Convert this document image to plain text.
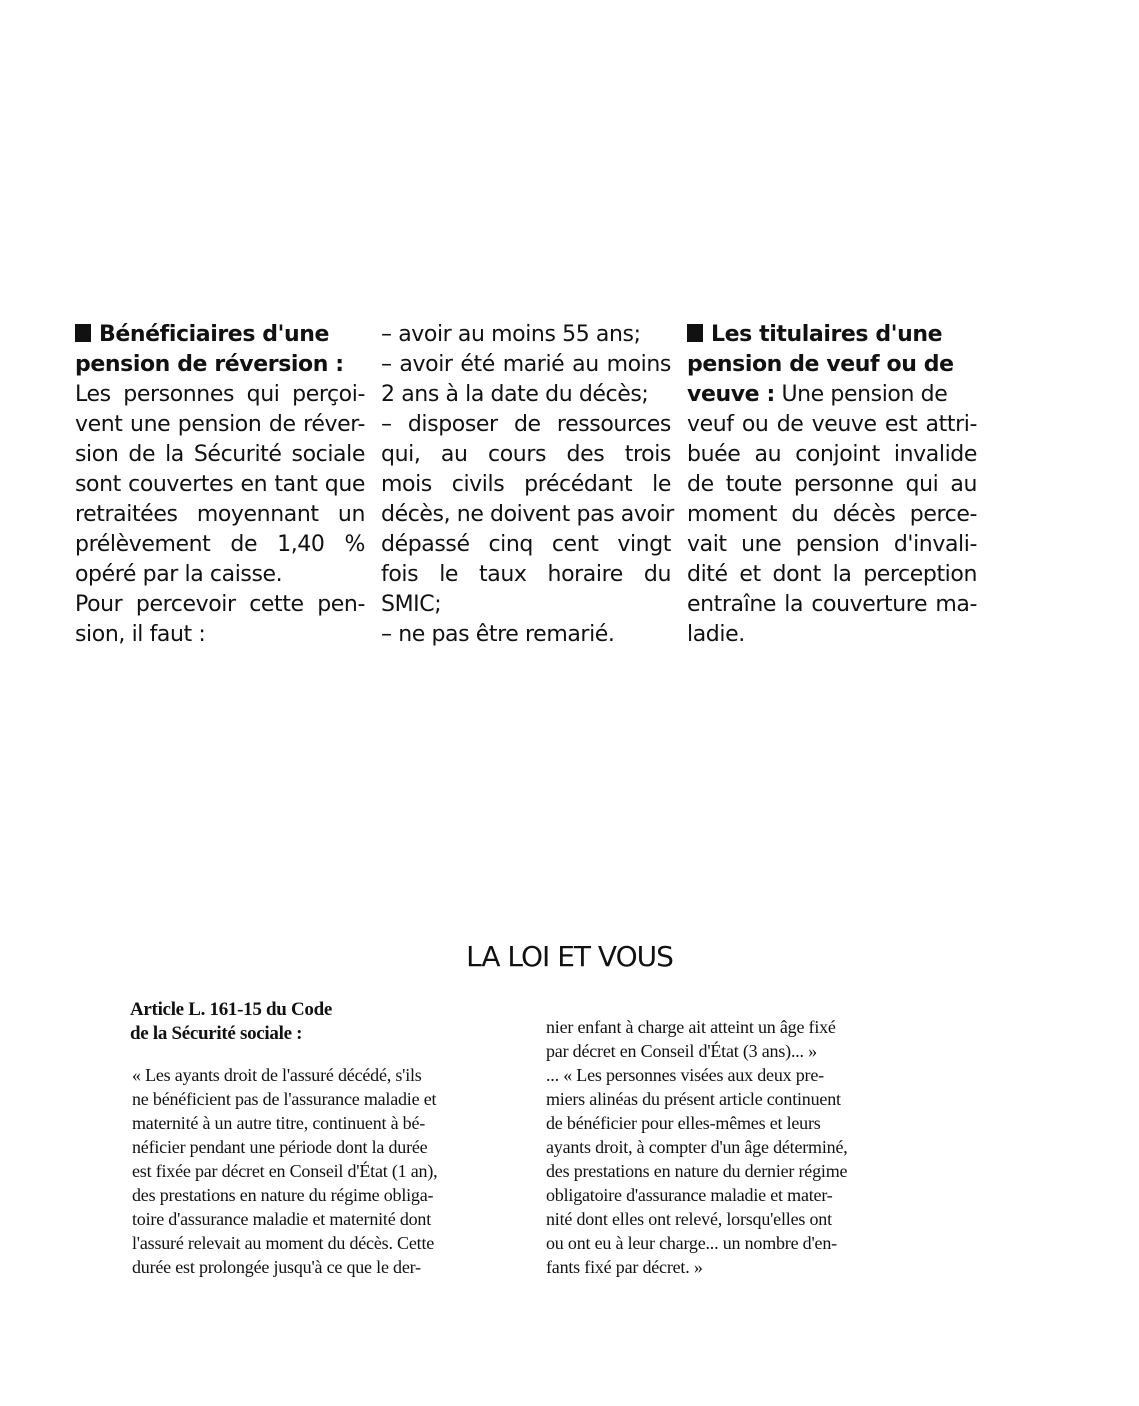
Bénéficiaires d'une
pension de réversion :
Les personnes qui perçoi-
vent une pension de réver-
sion de la Sécurité sociale
sont couvertes en tant que
retraitées moyennant un
prélèvement de 1,40 %
opéré par la caisse.
Pour percevoir cette pen-
sion, il faut :
– avoir au moins 55 ans;
– avoir été marié au moins
2 ans à la date du décès;
– disposer de ressources
qui, au cours des trois
mois civils précédant le
décès, ne doivent pas avoir
dépassé cinq cent vingt
fois le taux horaire du
SMIC;
– ne pas être remarié.
Les titulaires d'une
pension de veuf ou de
veuve : Une pension de
veuf ou de veuve est attri-
buée au conjoint invalide
de toute personne qui au
moment du décès perce-
vait une pension d'invali-
dité et dont la perception
entraîne la couverture ma-
ladie.
LA LOI ET VOUS
Article L. 161-15 du Code
de la Sécurité sociale :
« Les ayants droit de l'assuré décédé, s'ils
ne bénéficient pas de l'assurance maladie et
maternité à un autre titre, continuent à bé-
néficier pendant une période dont la durée
est fixée par décret en Conseil d'État (1 an),
des prestations en nature du régime obliga-
toire d'assurance maladie et maternité dont
l'assuré relevait au moment du décès. Cette
durée est prolongée jusqu'à ce que le der-
nier enfant à charge ait atteint un âge fixé
par décret en Conseil d'État (3 ans)... »
... « Les personnes visées aux deux pre-
miers alinéas du présent article continuent
de bénéficier pour elles-mêmes et leurs
ayants droit, à compter d'un âge déterminé,
des prestations en nature du dernier régime
obligatoire d'assurance maladie et mater-
nité dont elles ont relevé, lorsqu'elles ont
ou ont eu à leur charge... un nombre d'en-
fants fixé par décret. »
